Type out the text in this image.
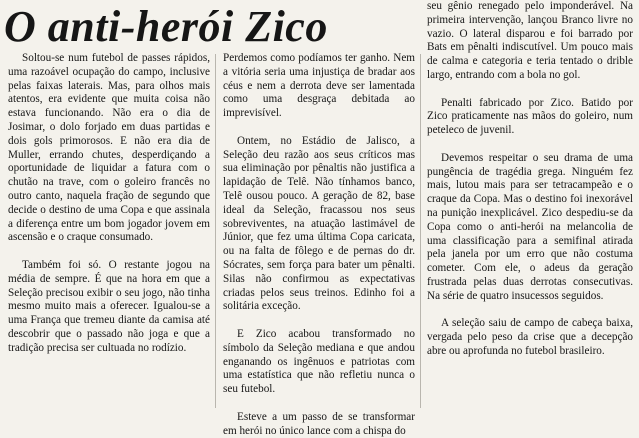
O anti-herói Zico

Soltou-se num futebol de passes rápidos, uma razoável ocupação do campo, inclusive pelas faixas laterais. Mas, para olhos mais atentos, era evidente que muita coisa não estava funcionando. Não era o dia de Josimar, o dolo forjado em duas partidas e dois gols primorosos. E não era dia de Muller, errando chutes, desperdiçando a oportunidade de liquidar a fatura com o chutão na trave, com o goleiro francês no outro canto, naquela fração de segundo que decide o destino de uma Copa e que assinala a diferença entre um bom jogador jovem em ascensão e o craque consumado.

Também foi só. O restante jogou na média de sempre. É que na hora em que a Seleção precisou exibir o seu jogo, não tinha mesmo muito mais a oferecer. Igualou-se a uma França que tremeu diante da camisa até descobrir que o passado não joga e que a tradição precisa ser cultuada no rodízio.

Perdemos como podíamos ter ganho. Nem a vitória seria uma injustiça de bradar aos céus e nem a derrota deve ser lamentada como uma desgraça debitada ao imprevisível.

Ontem, no Estádio de Jalisco, a Seleção deu razão aos seus críticos mas sua eliminação por pênaltis não justifica a lapidação de Telê. Não tínhamos banco, Telê ousou pouco. A geração de 82, base ideal da Seleção, fracassou nos seus sobreviventes, na atuação lastimável de Júnior, que fez uma última Copa caricata, ou na falta de fôlego e de pernas do dr. Sócrates, sem força para bater um pênalti. Silas não confirmou as expectativas criadas pelos seus treinos. Edinho foi a solitária exceção.

E Zico acabou transformado no símbolo da Seleção mediana e que andou enganando os ingênuos e patriotas com uma estatística que não refletiu nunca o seu futebol.

Esteve a um passo de se transformar em herói no único lance com a chispa do

seu gênio renegado pelo imponderável. Na primeira intervenção, lançou Branco livre no vazio. O lateral disparou e foi barrado por Bats em pênalti indiscutível. Um pouco mais de calma e categoria e teria tentado o drible largo, entrando com a bola no gol.

Penalti fabricado por Zico. Batido por Zico praticamente nas mãos do goleiro, num peteleco de juvenil.

Devemos respeitar o seu drama de uma pungência de tragédia grega. Ninguém fez mais, lutou mais para ser tetracampeão e o craque da Copa. Mas o destino foi inexorável na punição inexplicável. Zico despediu-se da Copa como o anti-herói na melancolia de uma classificação para a semifinal atirada pela janela por um erro que não costuma cometer. Com ele, o adeus da geração frustrada pelas duas derrotas consecutivas. Na série de quatro insucessos seguidos.

A seleção saiu de campo de cabeça baixa, vergada pelo peso da crise que a decepção abre ou aprofunda no futebol brasileiro.
